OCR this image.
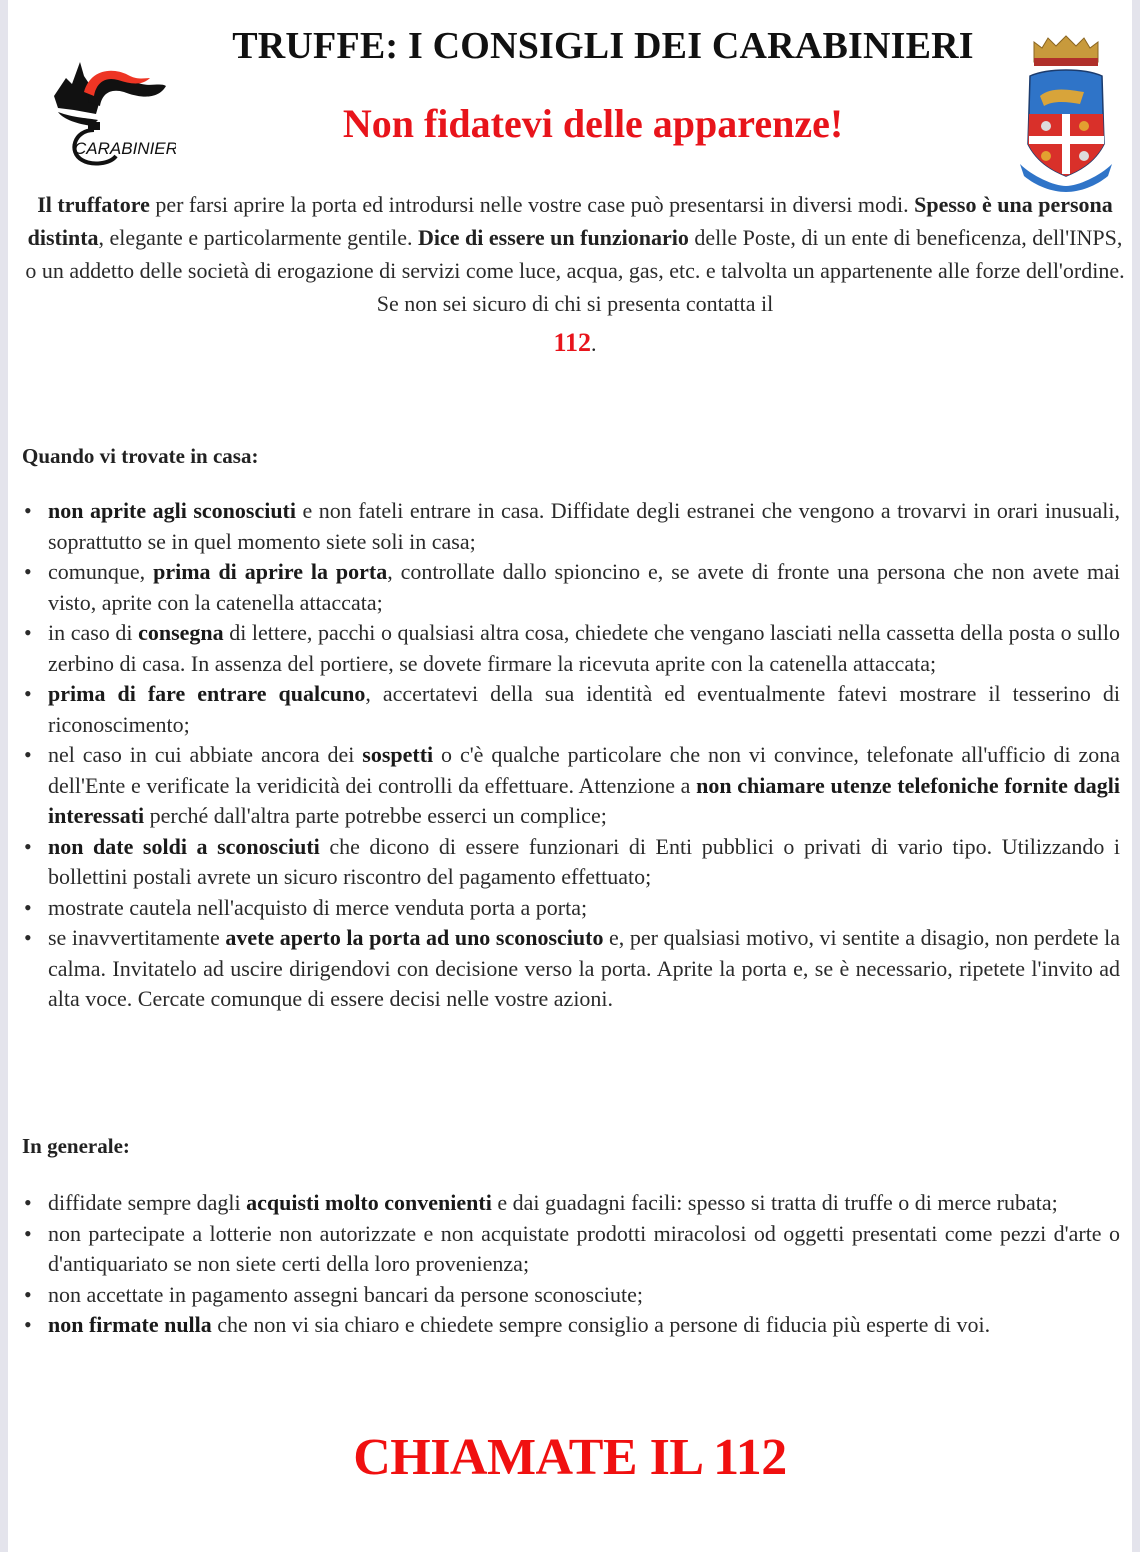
CARABINIERI
TRUFFE: I CONSIGLI DEI CARABINIERI
Non fidatevi delle apparenze!
Il truffatore per farsi aprire la porta ed introdursi nelle vostre case può presentarsi in diversi modi. Spesso è una persona distinta, elegante e particolarmente gentile. Dice di essere un funzionario delle Poste, di un ente di beneficenza, dell'INPS, o un addetto delle società di erogazione di servizi come luce, acqua, gas, etc. e talvolta un appartenente alle forze dell'ordine. Se non sei sicuro di chi si presenta contatta il
112.
Quando vi trovate in casa:
• non aprite agli sconosciuti e non fateli entrare in casa. Diffidate degli estranei che vengono a trovarvi in orari inusuali, soprattutto se in quel momento siete soli in casa;
• comunque, prima di aprire la porta, controllate dallo spioncino e, se avete di fronte una persona che non avete mai visto, aprite con la catenella attaccata;
• in caso di consegna di lettere, pacchi o qualsiasi altra cosa, chiedete che vengano lasciati nella cassetta della posta o sullo zerbino di casa. In assenza del portiere, se dovete firmare la ricevuta aprite con la catenella attaccata;
• prima di fare entrare qualcuno, accertatevi della sua identità ed eventualmente fatevi mostrare il tesserino di riconoscimento;
• nel caso in cui abbiate ancora dei sospetti o c'è qualche particolare che non vi convince, telefonate all'ufficio di zona dell'Ente e verificate la veridicità dei controlli da effettuare. Attenzione a non chiamare utenze telefoniche fornite dagli interessati perché dall'altra parte potrebbe esserci un complice;
• non date soldi a sconosciuti che dicono di essere funzionari di Enti pubblici o privati di vario tipo. Utilizzando i bollettini postali avrete un sicuro riscontro del pagamento effettuato;
• mostrate cautela nell'acquisto di merce venduta porta a porta;
• se inavvertitamente avete aperto la porta ad uno sconosciuto e, per qualsiasi motivo, vi sentite a disagio, non perdete la calma. Invitatelo ad uscire dirigendovi con decisione verso la porta. Aprite la porta e, se è necessario, ripetete l'invito ad alta voce. Cercate comunque di essere decisi nelle vostre azioni.
In generale:
• diffidate sempre dagli acquisti molto convenienti e dai guadagni facili: spesso si tratta di truffe o di merce rubata;
• non partecipate a lotterie non autorizzate e non acquistate prodotti miracolosi od oggetti presentati come pezzi d'arte o d'antiquariato se non siete certi della loro provenienza;
• non accettate in pagamento assegni bancari da persone sconosciute;
• non firmate nulla che non vi sia chiaro e chiedete sempre consiglio a persone di fiducia più esperte di voi.
CHIAMATE IL 112
